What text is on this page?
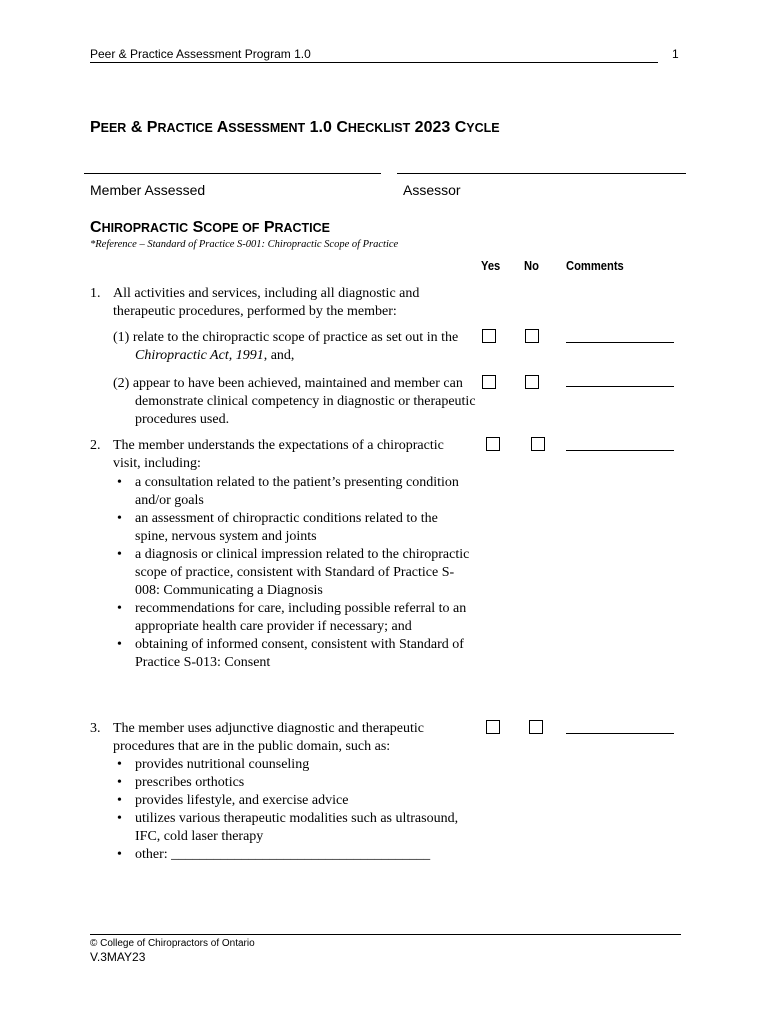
Peer & Practice Assessment Program 1.0	1
PEER & PRACTICE ASSESSMENT 1.0 CHECKLIST 2023 CYCLE
Member Assessed	Assessor
CHIROPRACTIC SCOPE OF PRACTICE
*Reference – Standard of Practice S-001: Chiropractic Scope of Practice
Yes No Comments
1. All activities and services, including all diagnostic and therapeutic procedures, performed by the member:
(1) relate to the chiropractic scope of practice as set out in the Chiropractic Act, 1991, and,
(2) appear to have been achieved, maintained and member can demonstrate clinical competency in diagnostic or therapeutic procedures used.
2. The member understands the expectations of a chiropractic visit, including:
• a consultation related to the patient’s presenting condition and/or goals
• an assessment of chiropractic conditions related to the spine, nervous system and joints
• a diagnosis or clinical impression related to the chiropractic scope of practice, consistent with Standard of Practice S-008: Communicating a Diagnosis
• recommendations for care, including possible referral to an appropriate health care provider if necessary; and
• obtaining of informed consent, consistent with Standard of Practice S-013: Consent
3. The member uses adjunctive diagnostic and therapeutic procedures that are in the public domain, such as:
• provides nutritional counseling
• prescribes orthotics
• provides lifestyle, and exercise advice
• utilizes various therapeutic modalities such as ultrasound, IFC, cold laser therapy
• other: _____________________________________
© College of Chiropractors of Ontario
V.3MAY23
